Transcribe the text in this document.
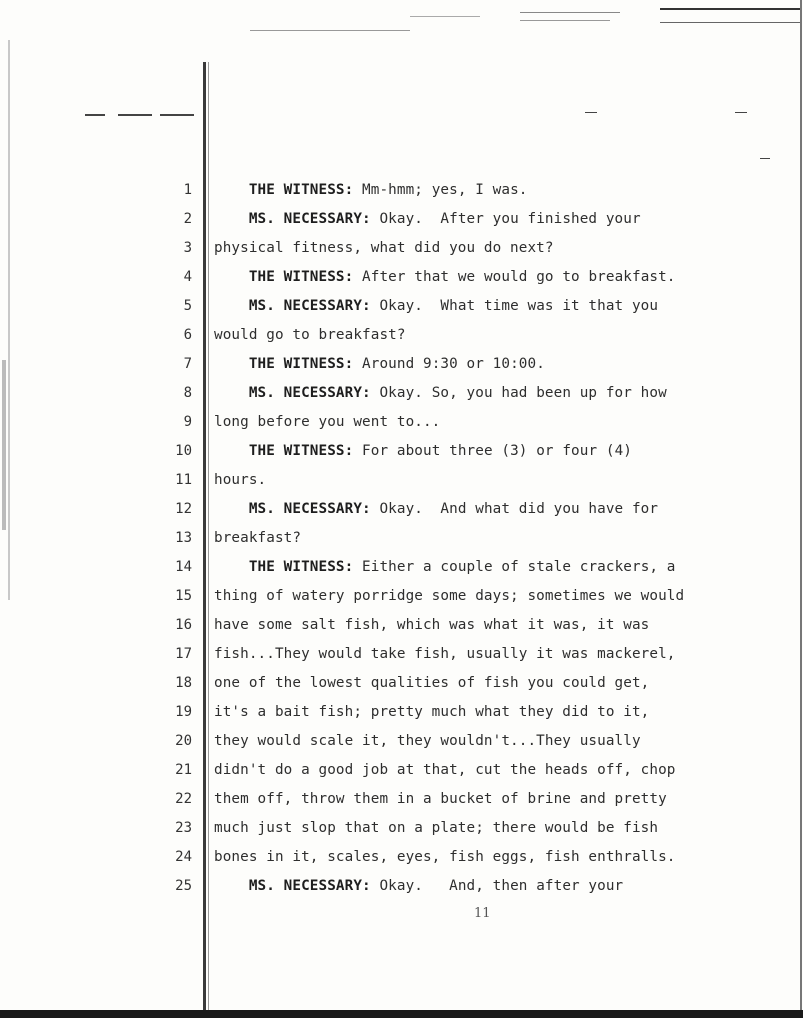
1	THE WITNESS: Mm-hmm; yes, I was.
2	MS. NECESSARY: Okay.  After you finished your
3 physical fitness, what did you do next?
4	THE WITNESS: After that we would go to breakfast.
5	MS. NECESSARY: Okay.  What time was it that you
6 would go to breakfast?
7	THE WITNESS: Around 9:30 or 10:00.
8	MS. NECESSARY: Okay. So, you had been up for how
9 long before you went to...
10	THE WITNESS: For about three (3) or four (4)
11 hours.
12	MS. NECESSARY: Okay.  And what did you have for
13 breakfast?
14	THE WITNESS: Either a couple of stale crackers, a
15 thing of watery porridge some days; sometimes we would
16 have some salt fish, which was what it was, it was
17 fish...They would take fish, usually it was mackerel,
18 one of the lowest qualities of fish you could get,
19 it's a bait fish; pretty much what they did to it,
20 they would scale it, they wouldn't...They usually
21 didn't do a good job at that, cut the heads off, chop
22 them off, throw them in a bucket of brine and pretty
23 much just slop that on a plate; there would be fish
24 bones in it, scales, eyes, fish eggs, fish enthralls.
25	MS. NECESSARY: Okay.   And, then after your
11
